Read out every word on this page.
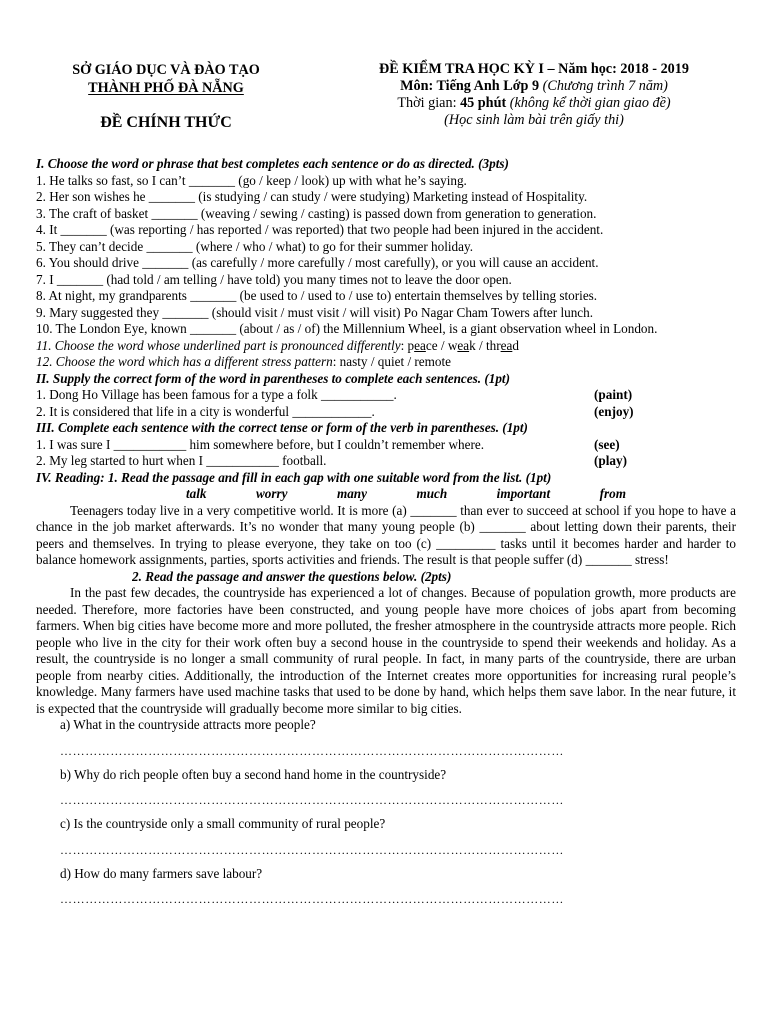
SỞ GIÁO DỤC VÀ ĐÀO TẠO
THÀNH PHỐ ĐÀ NẴNG
ĐỀ CHÍNH THỨC
ĐỀ KIỂM TRA HỌC KỲ I – Năm học: 2018 - 2019
Môn: Tiếng Anh Lớp 9 (Chương trình 7 năm)
Thời gian: 45 phút (không kể thời gian giao đề)
(Học sinh làm bài trên giấy thi)
I. Choose the word or phrase that best completes each sentence or do as directed. (3pts)
1. He talks so fast, so I can’t _______ (go / keep / look) up with what he’s saying.
2. Her son wishes he _______ (is studying / can study / were studying) Marketing instead of Hospitality.
3. The craft of basket _______ (weaving / sewing / casting) is passed down from generation to generation.
4. It _______ (was reporting / has reported / was reported) that two people had been injured in the accident.
5. They can’t decide _______ (where / who / what) to go for their summer holiday.
6. You should drive _______ (as carefully / more carefully / most carefully), or you will cause an accident.
7. I _______ (had told / am telling / have told) you many times not to leave the door open.
8. At night, my grandparents _______ (be used to / used to / use to) entertain themselves by telling stories.
9. Mary suggested they _______ (should visit / must visit / will visit) Po Nagar Cham Towers after lunch.
10. The London Eye, known _______ (about / as / of) the Millennium Wheel, is a giant observation wheel in London.
11. Choose the word whose underlined part is pronounced differently: peace / weak / thread
12. Choose the word which has a different stress pattern: nasty / quiet / remote
II. Supply the correct form of the word in parentheses to complete each sentences. (1pt)
1. Dong Ho Village has been famous for a type a folk ___________.	(paint)
2. It is considered that life in a city is wonderful ____________.	(enjoy)
III. Complete each sentence with the correct tense or form of the verb in parentheses. (1pt)
1. I was sure I ___________ him somewhere before, but I couldn’t remember where.	(see)
2. My leg started to hurt when I ___________ football.	(play)
IV. Reading: 1. Read the passage and fill in each gap with one suitable word from the list. (1pt)
talk	worry	many	much	important	from
Teenagers today live in a very competitive world. It is more (a) _______ than ever to succeed at school if you hope to have a chance in the job market afterwards. It’s no wonder that many young people (b) _______ about letting down their parents, their peers and themselves. In trying to please everyone, they take on too (c) _________ tasks until it becomes harder and harder to balance homework assignments, parties, sports activities and friends. The result is that people suffer (d) _______ stress!
2. Read the passage and answer the questions below. (2pts)
In the past few decades, the countryside has experienced a lot of changes. Because of population growth, more products are needed. Therefore, more factories have been constructed, and young people have more choices of jobs apart from becoming farmers. When big cities have become more and more polluted, the fresher atmosphere in the countryside attracts more people. Rich people who live in the city for their work often buy a second house in the countryside to spend their weekends and holiday. As a result, the countryside is no longer a small community of rural people. In fact, in many parts of the countryside, there are urban people from nearby cities. Additionally, the introduction of the Internet creates more opportunities for increasing rural people’s knowledge. Many farmers have used machine tasks that used to be done by hand, which helps them save labor. In the near future, it is expected that the countryside will gradually become more similar to big cities.
a) What in the countryside attracts more people?
…………………………………………………………………………………………………………
b) Why do rich people often buy a second hand home in the countryside?
…………………………………………………………………………………………………………
c) Is the countryside only a small community of rural people?
…………………………………………………………………………………………………………
d) How do many farmers save labour?
…………………………………………………………………………………………………………
